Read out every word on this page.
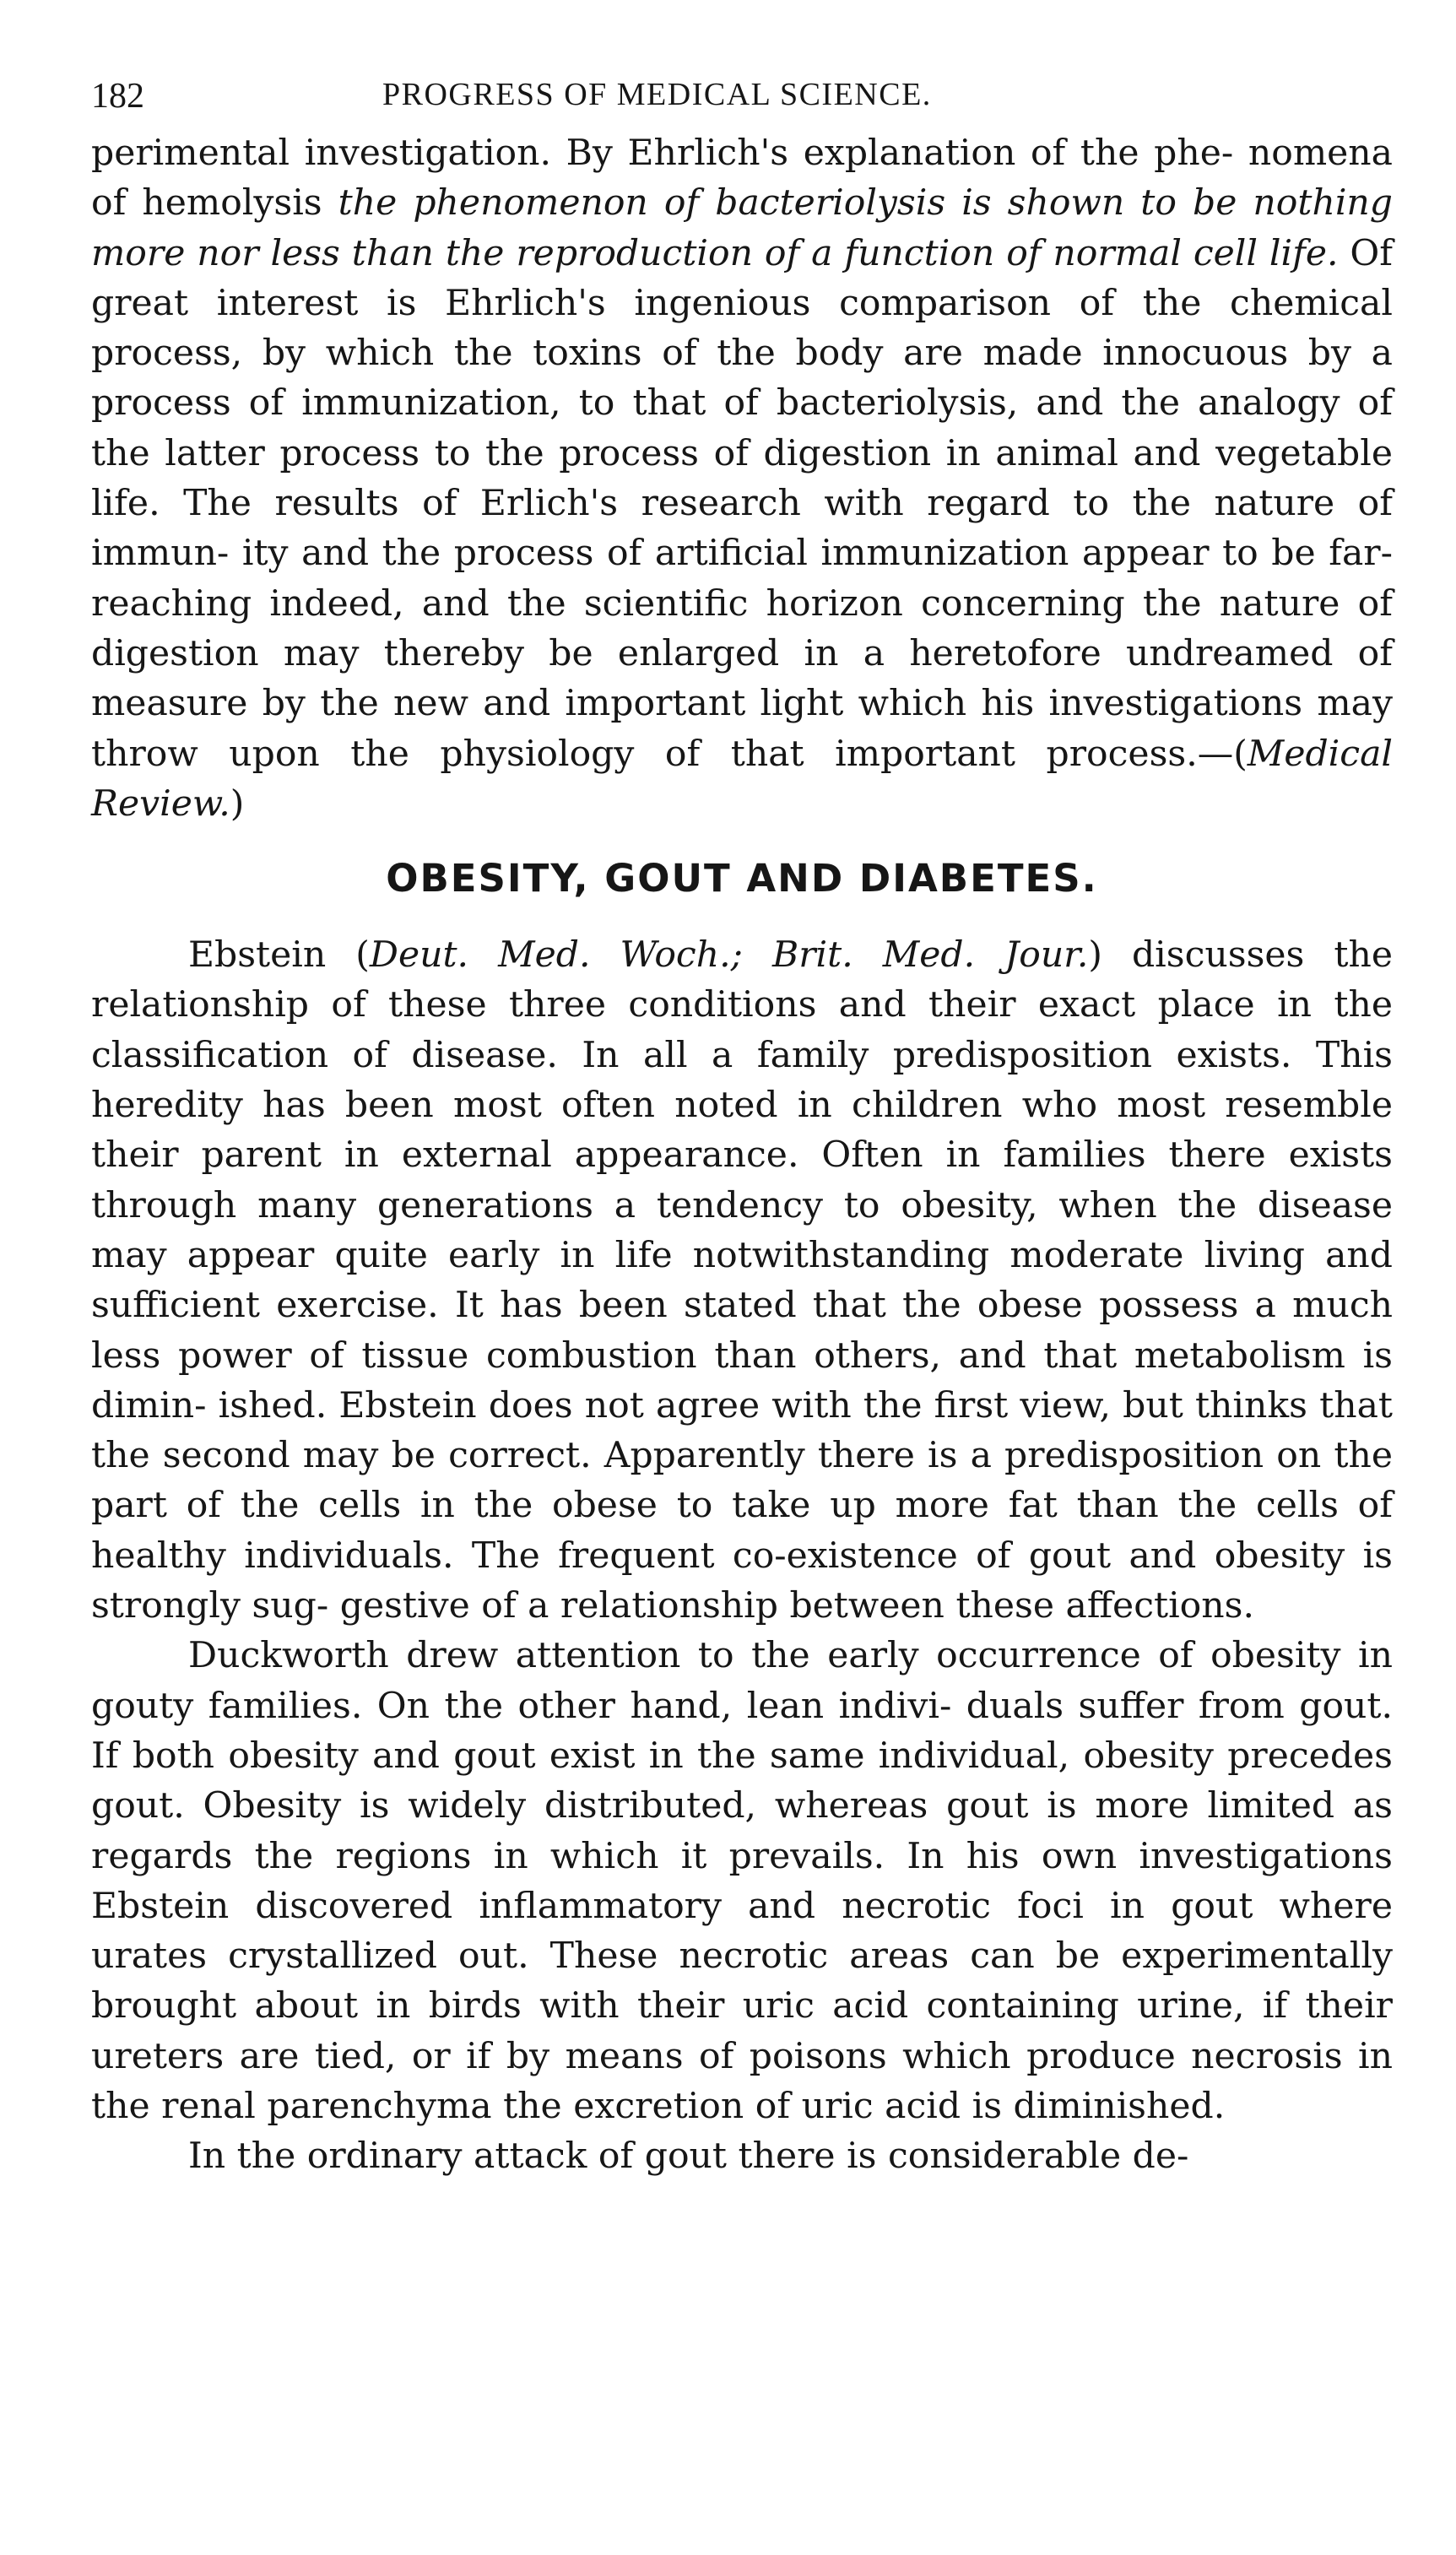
182	PROGRESS OF MEDICAL SCIENCE.

perimental investigation. By Ehrlich's explanation of the phe- nomena of hemolysis the phenomenon of bacteriolysis is shown to be nothing more nor less than the reproduction of a function of normal cell life. Of great interest is Ehrlich's ingenious comparison of the chemical process, by which the toxins of the body are made innocuous by a process of immunization, to that of bacteriolysis, and the analogy of the latter process to the process of digestion in animal and vegetable life. The results of Erlich's research with regard to the nature of immun- ity and the process of artificial immunization appear to be far- reaching indeed, and the scientific horizon concerning the nature of digestion may thereby be enlarged in a heretofore undreamed of measure by the new and important light which his investigations may throw upon the physiology of that important process.—(Medical Review.)

OBESITY, GOUT AND DIABETES.

Ebstein (Deut. Med. Woch.; Brit. Med. Jour.) discusses the relationship of these three conditions and their exact place in the classification of disease. In all a family predisposition exists. This heredity has been most often noted in children who most resemble their parent in external appearance. Often in families there exists through many generations a tendency to obesity, when the disease may appear quite early in life notwithstanding moderate living and sufficient exercise. It has been stated that the obese possess a much less power of tissue combustion than others, and that metabolism is dimin- ished. Ebstein does not agree with the first view, but thinks that the second may be correct. Apparently there is a predisposition on the part of the cells in the obese to take up more fat than the cells of healthy individuals. The frequent co-existence of gout and obesity is strongly sug- gestive of a relationship between these affections.

Duckworth drew attention to the early occurrence of obesity in gouty families. On the other hand, lean indivi- duals suffer from gout. If both obesity and gout exist in the same individual, obesity precedes gout. Obesity is widely distributed, whereas gout is more limited as regards the regions in which it prevails. In his own investigations Ebstein discovered inflammatory and necrotic foci in gout where urates crystallized out. These necrotic areas can be experimentally brought about in birds with their uric acid containing urine, if their ureters are tied, or if by means of poisons which produce necrosis in the renal parenchyma the excretion of uric acid is diminished.

In the ordinary attack of gout there is considerable de-
